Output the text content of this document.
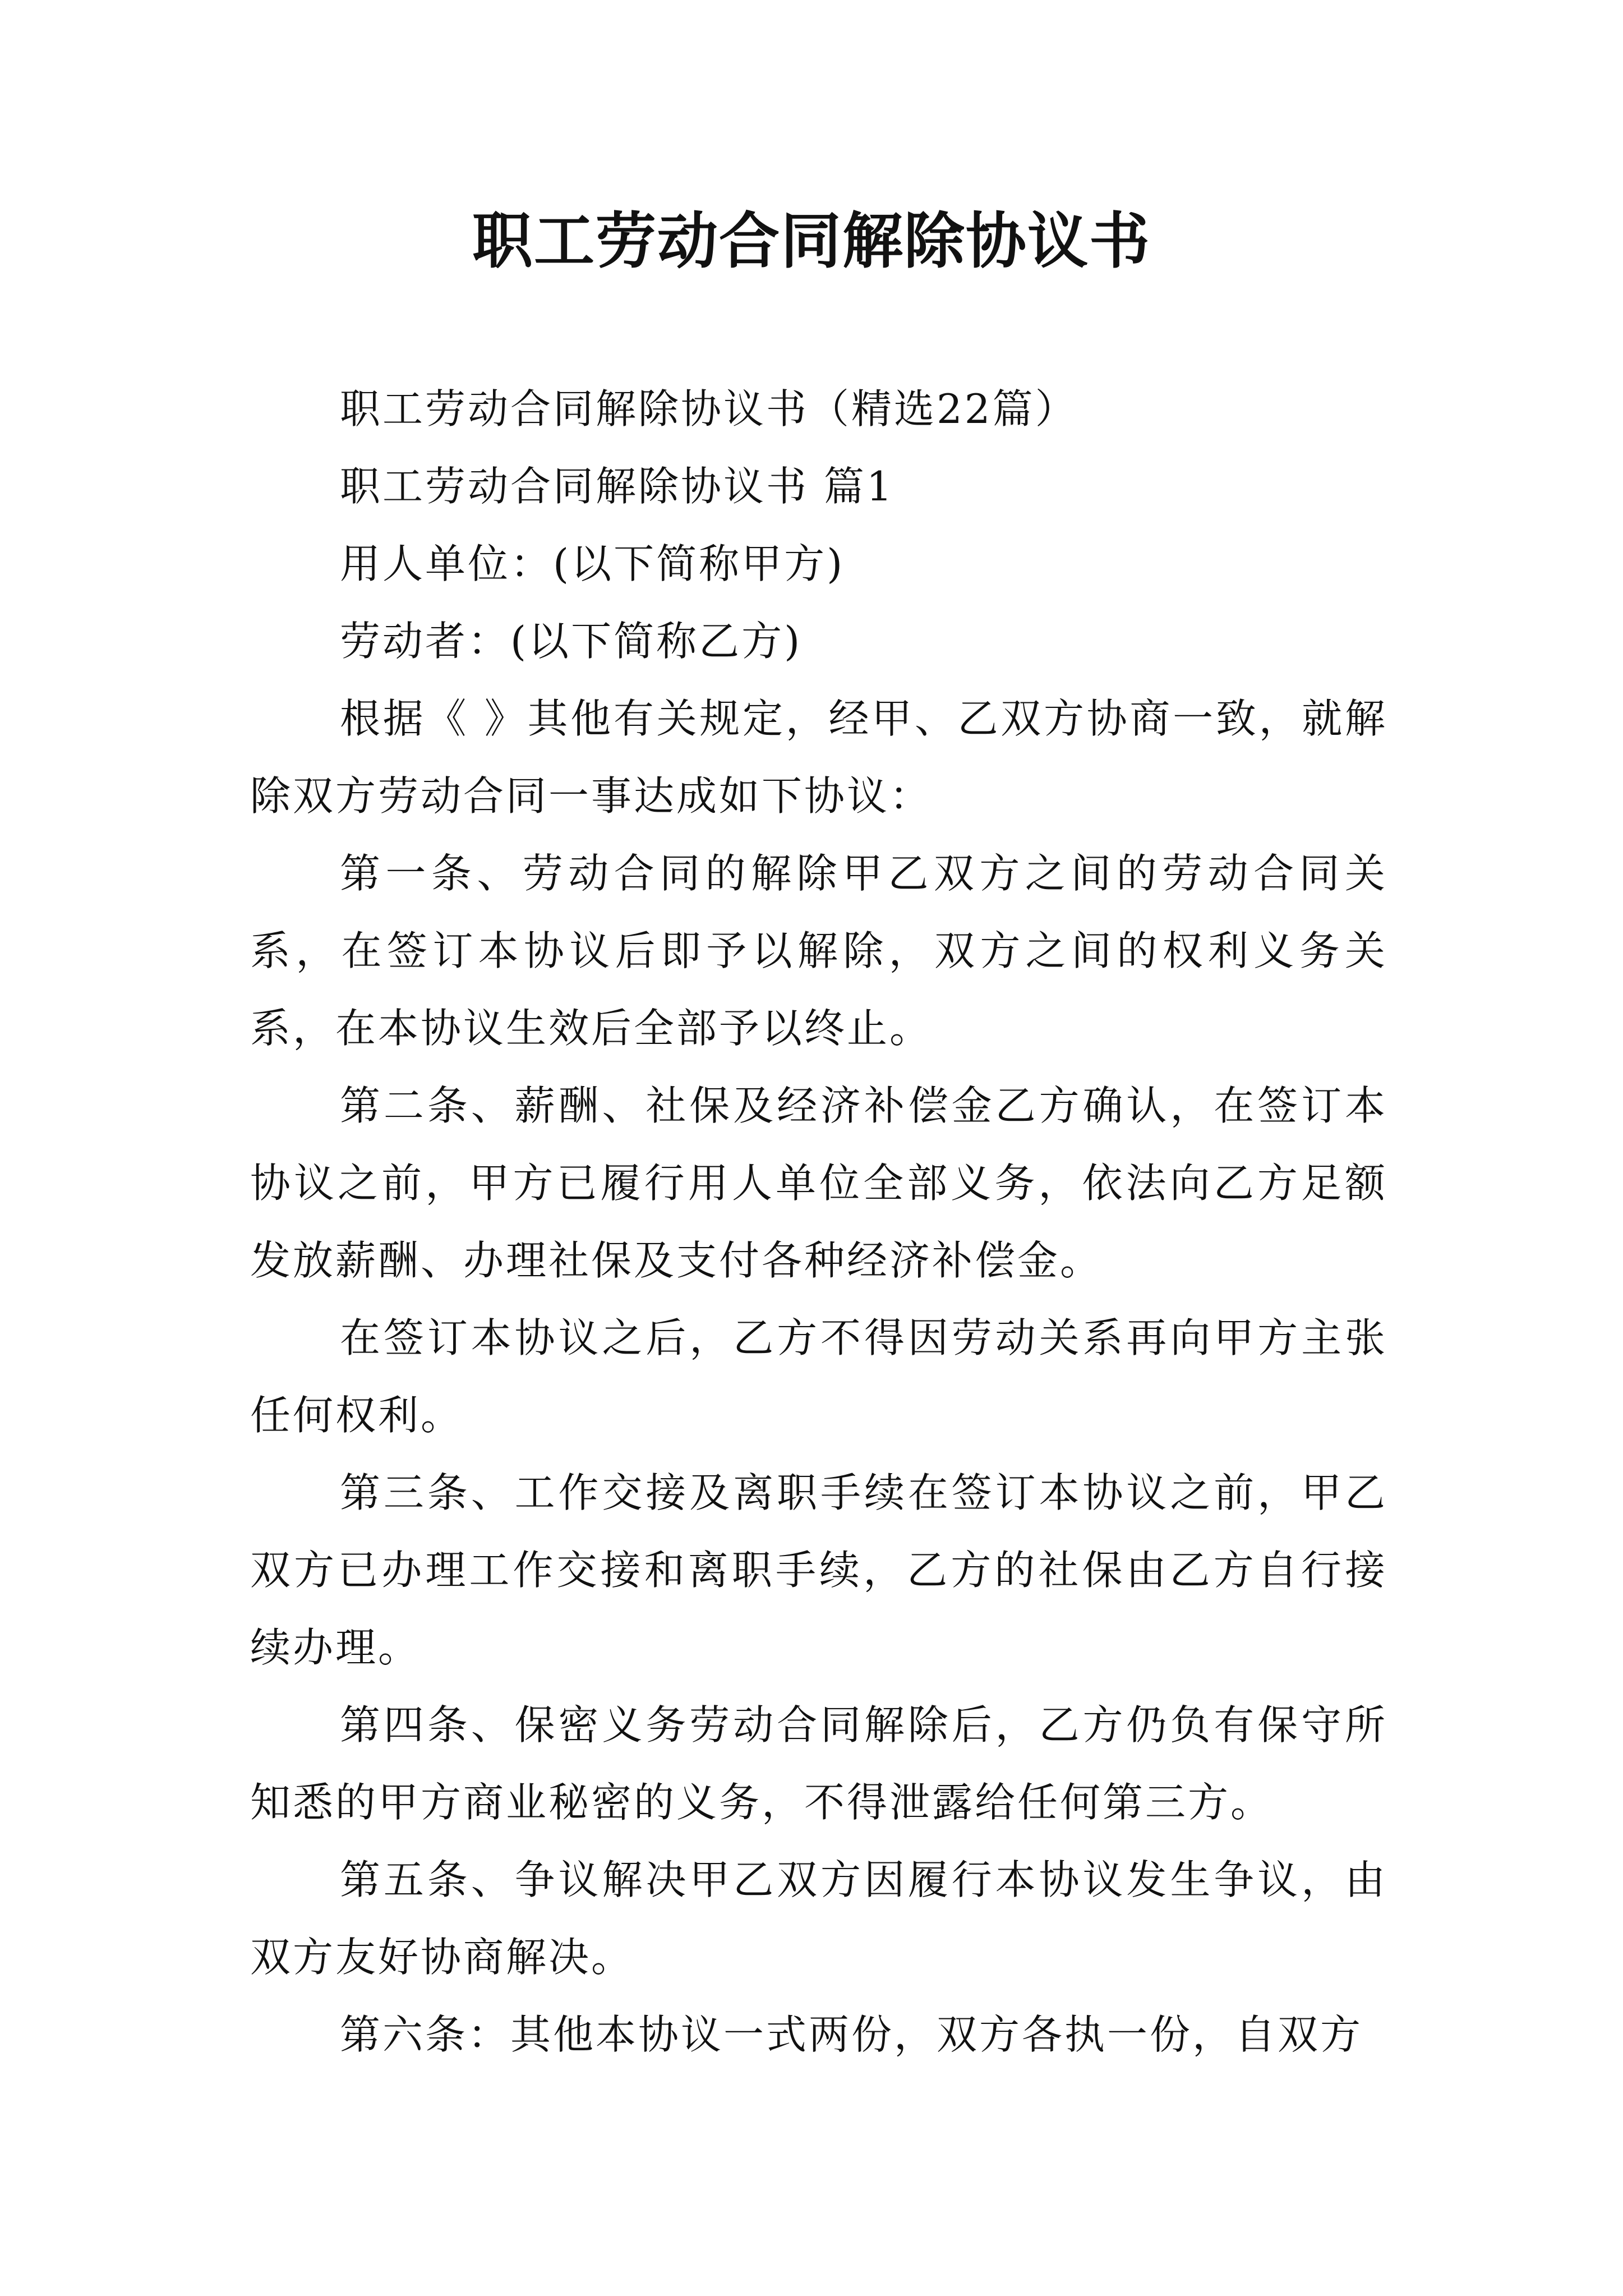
职工劳动合同解除协议书

职工劳动合同解除协议书（精选22篇）

职工劳动合同解除协议书 篇1

用人单位：(以下简称甲方)

劳动者：(以下简称乙方)

根据《 》其他有关规定，经甲、乙双方协商一致，就解除双方劳动合同一事达成如下协议：

第一条、劳动合同的解除甲乙双方之间的劳动合同关系，在签订本协议后即予以解除，双方之间的权利义务关系，在本协议生效后全部予以终止。

第二条、薪酬、社保及经济补偿金乙方确认，在签订本协议之前，甲方已履行用人单位全部义务，依法向乙方足额发放薪酬、办理社保及支付各种经济补偿金。

在签订本协议之后，乙方不得因劳动关系再向甲方主张任何权利。

第三条、工作交接及离职手续在签订本协议之前，甲乙双方已办理工作交接和离职手续，乙方的社保由乙方自行接续办理。

第四条、保密义务劳动合同解除后，乙方仍负有保守所知悉的甲方商业秘密的义务，不得泄露给任何第三方。

第五条、争议解决甲乙双方因履行本协议发生争议，由双方友好协商解决。

第六条：其他本协议一式两份，双方各执一份，自双方
